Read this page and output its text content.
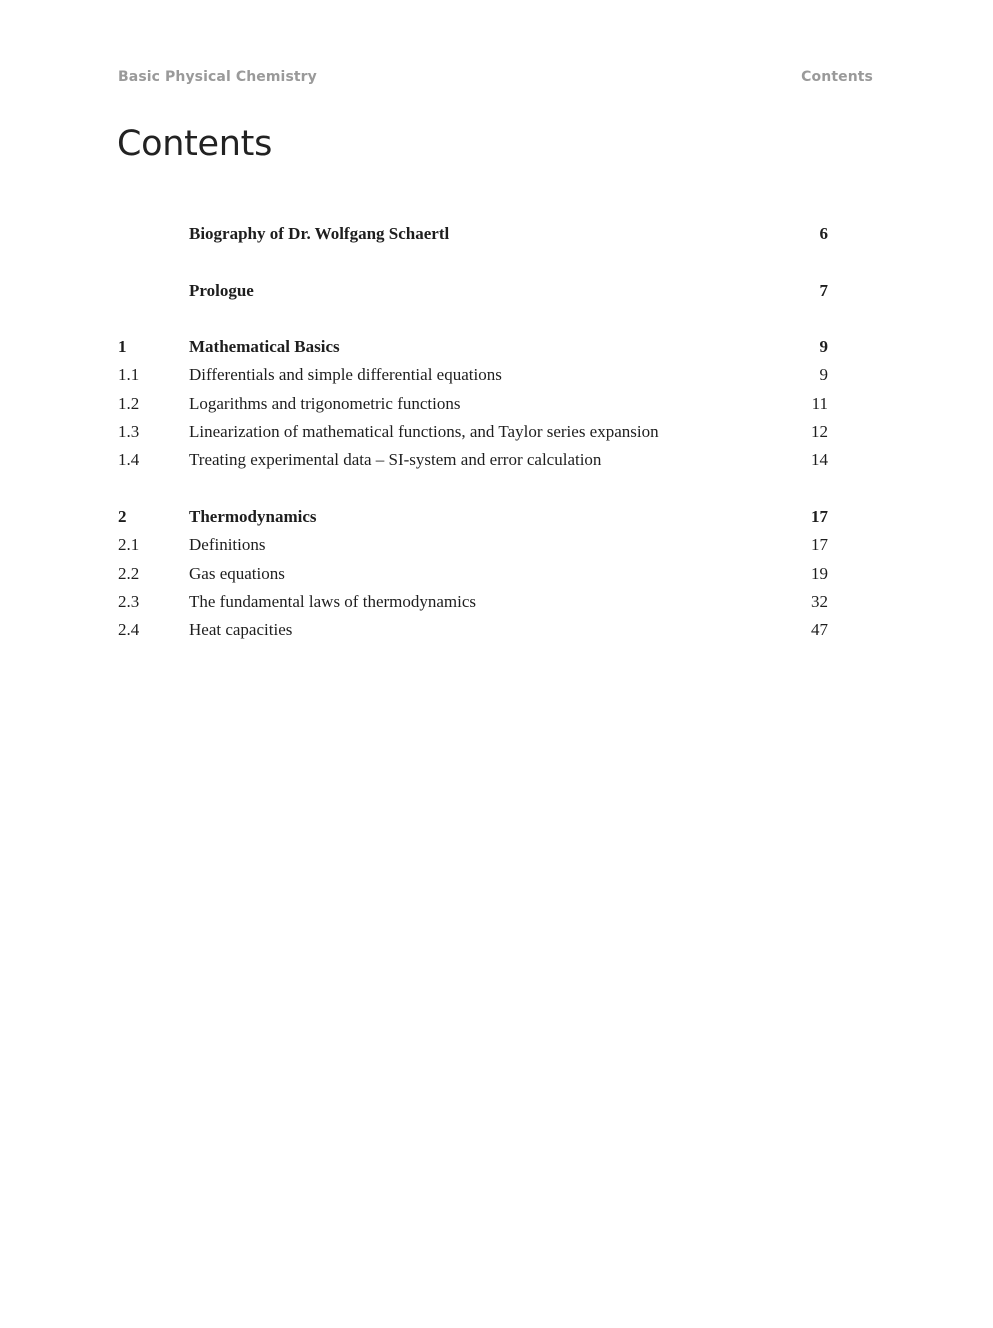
Basic Physical Chemistry	Contents
Contents
Biography of Dr. Wolfgang Schaertl	6
Prologue	7
1	Mathematical Basics	9
1.1	Differentials and simple differential equations	9
1.2	Logarithms and trigonometric functions	11
1.3	Linearization of mathematical functions, and Taylor series expansion	12
1.4	Treating experimental data – SI-system and error calculation	14
2	Thermodynamics	17
2.1	Definitions	17
2.2	Gas equations	19
2.3	The fundamental laws of thermodynamics	32
2.4	Heat capacities	47
